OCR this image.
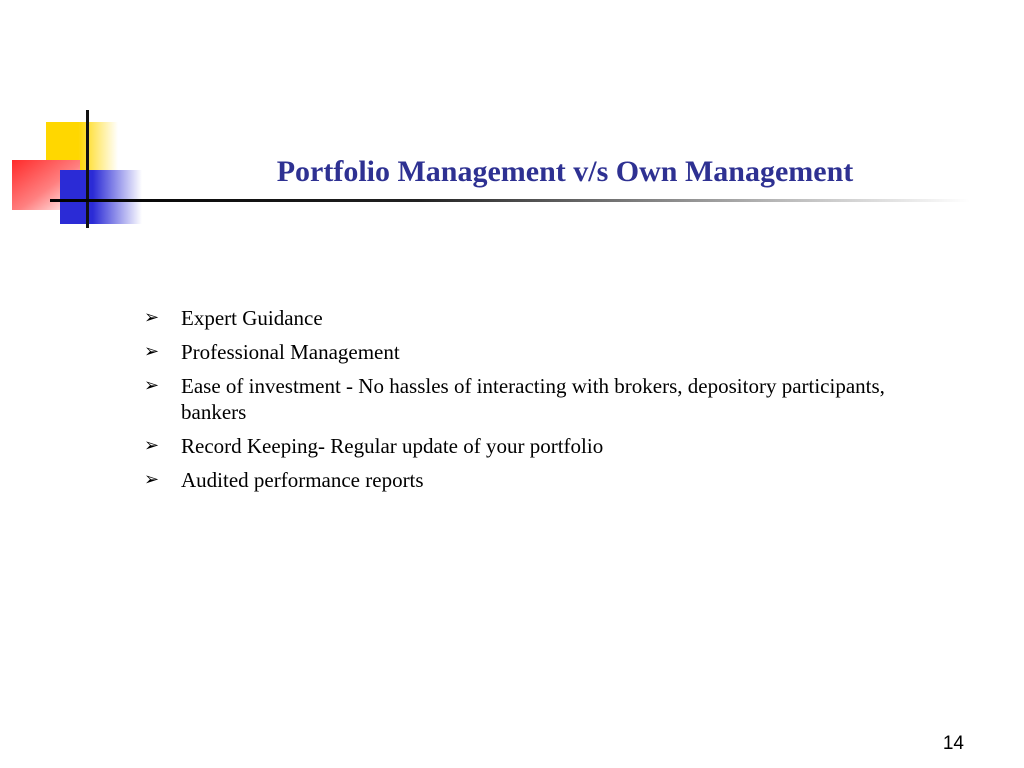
Portfolio Management v/s Own Management
➢ Expert Guidance
➢ Professional Management
➢ Ease of investment - No hassles of interacting with brokers, depository participants, bankers
➢ Record Keeping- Regular update of your portfolio
➢ Audited performance reports
14
